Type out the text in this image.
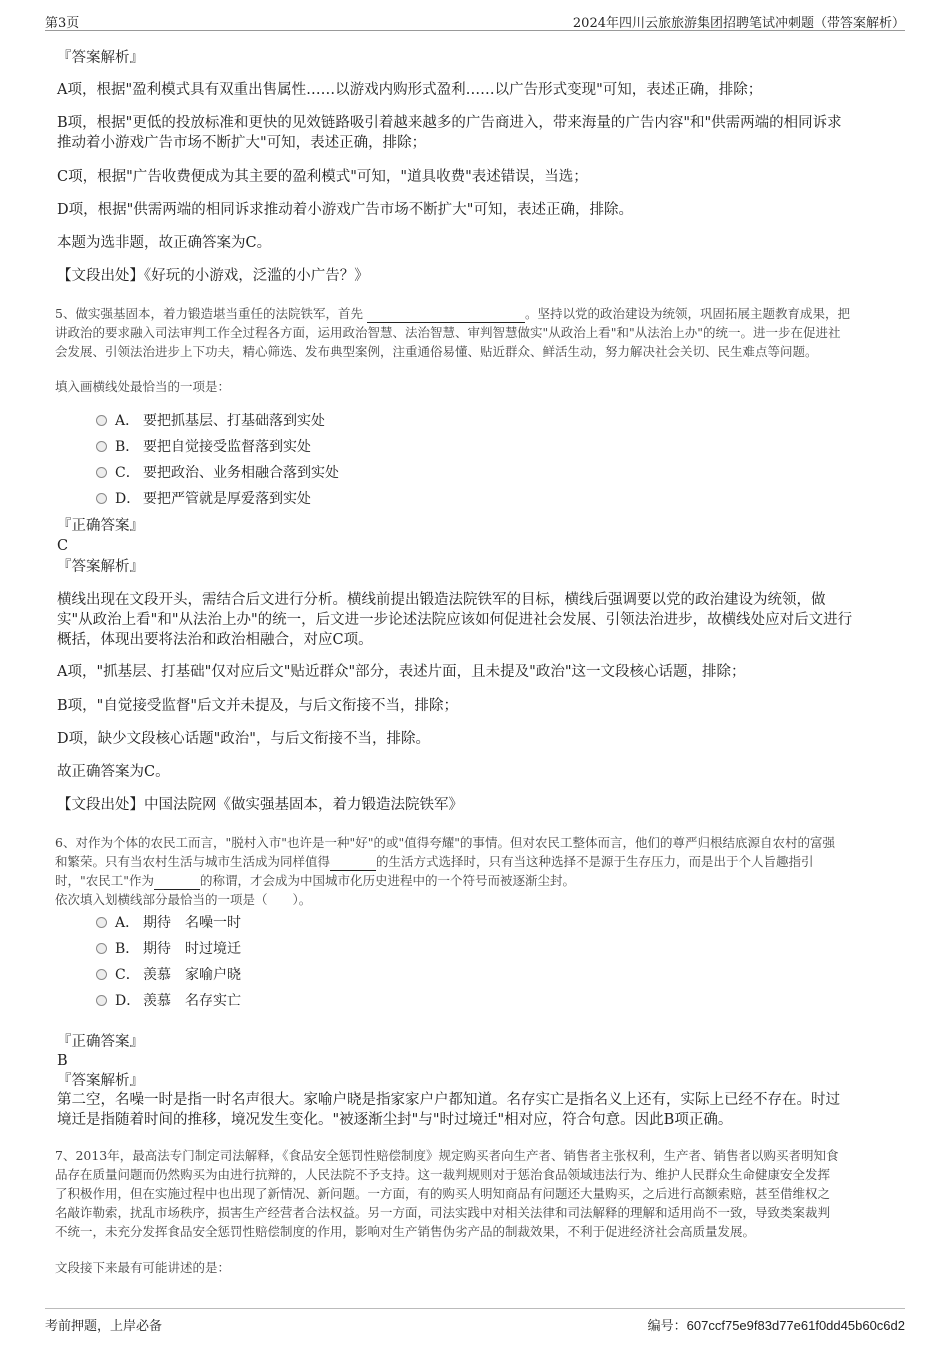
第3页	2024年四川云旅旅游集团招聘笔试冲刺题（带答案解析）

『答案解析』

A项，根据"盈利模式具有双重出售属性……以游戏内购形式盈利……以广告形式变现"可知，表述正确，排除；

B项，根据"更低的投放标准和更快的见效链路吸引着越来越多的广告商进入，带来海量的广告内容"和"供需两端的相同诉求

推动着小游戏广告市场不断扩大"可知，表述正确，排除；

C项，根据"广告收费便成为其主要的盈利模式"可知，"道具收费"表述错误，当选；

D项，根据"供需两端的相同诉求推动着小游戏广告市场不断扩大"可知，表述正确，排除。

本题为选非题，故正确答案为C。

【文段出处】《好玩的小游戏，泛滥的小广告？》

5、做实强基固本，着力锻造堪当重任的法院铁军，首先	。坚持以党的政治建设为统领，巩固拓展主题教育成果，把

讲政治的要求融入司法审判工作全过程各方面，运用政治智慧、法治智慧、审判智慧做实"从政治上看"和"从法治上办"的统一。进一步在促进社

会发展、引领法治进步上下功夫，精心筛选、发布典型案例，注重通俗易懂、贴近群众、鲜活生动，努力解决社会关切、民生难点等问题。

填入画横线处最恰当的一项是：

A． 要把抓基层、打基础落到实处
B． 要把自觉接受监督落到实处
C． 要把政治、业务相融合落到实处
D． 要把严管就是厚爱落到实处

『正确答案』

C

『答案解析』

横线出现在文段开头，需结合后文进行分析。横线前提出锻造法院铁军的目标，横线后强调要以党的政治建设为统领，做

实"从政治上看"和"从法治上办"的统一，后文进一步论述法院应该如何促进社会发展、引领法治进步，故横线处应对后文进行

概括，体现出要将法治和政治相融合，对应C项。

A项，"抓基层、打基础"仅对应后文"贴近群众"部分，表述片面，且未提及"政治"这一文段核心话题，排除；

B项，"自觉接受监督"后文并未提及，与后文衔接不当，排除；

D项，缺少文段核心话题"政治"，与后文衔接不当，排除。

故正确答案为C。

【文段出处】中国法院网《做实强基固本，着力锻造法院铁军》

6、对作为个体的农民工而言，"脱村入市"也许是一种"好"的或"值得夸耀"的事情。但对农民工整体而言，他们的尊严归根结底源自农村的富强

和繁荣。只有当农村生活与城市生活成为同样值得	的生活方式选择时，只有当这种选择不是源于生存压力，而是出于个人旨趣指引

时，"农民工"作为	的称谓，才会成为中国城市化历史进程中的一个符号而被逐渐尘封。

依次填入划横线部分最恰当的一项是（　　）。

A． 期待 名噪一时
B． 期待 时过境迁
C． 羡慕 家喻户晓
D． 羡慕 名存实亡

『正确答案』

B

『答案解析』

第二空，名噪一时是指一时名声很大。家喻户晓是指家家户户都知道。名存实亡是指名义上还有，实际上已经不存在。时过

境迁是指随着时间的推移，境况发生变化。"被逐渐尘封"与"时过境迁"相对应，符合句意。因此B项正确。

7、2013年，最高法专门制定司法解释，《食品安全惩罚性赔偿制度》规定购买者向生产者、销售者主张权利，生产者、销售者以购买者明知食

品存在质量问题而仍然购买为由进行抗辩的，人民法院不予支持。这一裁判规则对于惩治食品领域违法行为、维护人民群众生命健康安全发挥

了积极作用，但在实施过程中也出现了新情况、新问题。一方面，有的购买人明知商品有问题还大量购买，之后进行高额索赔，甚至借维权之

名敲诈勒索，扰乱市场秩序，损害生产经营者合法权益。另一方面，司法实践中对相关法律和司法解释的理解和适用尚不一致，导致类案裁判

不统一，未充分发挥食品安全惩罚性赔偿制度的作用，影响对生产销售伪劣产品的制裁效果，不利于促进经济社会高质量发展。

文段接下来最有可能讲述的是：

考前押题，上岸必备	编号：607ccf75e9f83d77e61f0dd45b60c6d2
